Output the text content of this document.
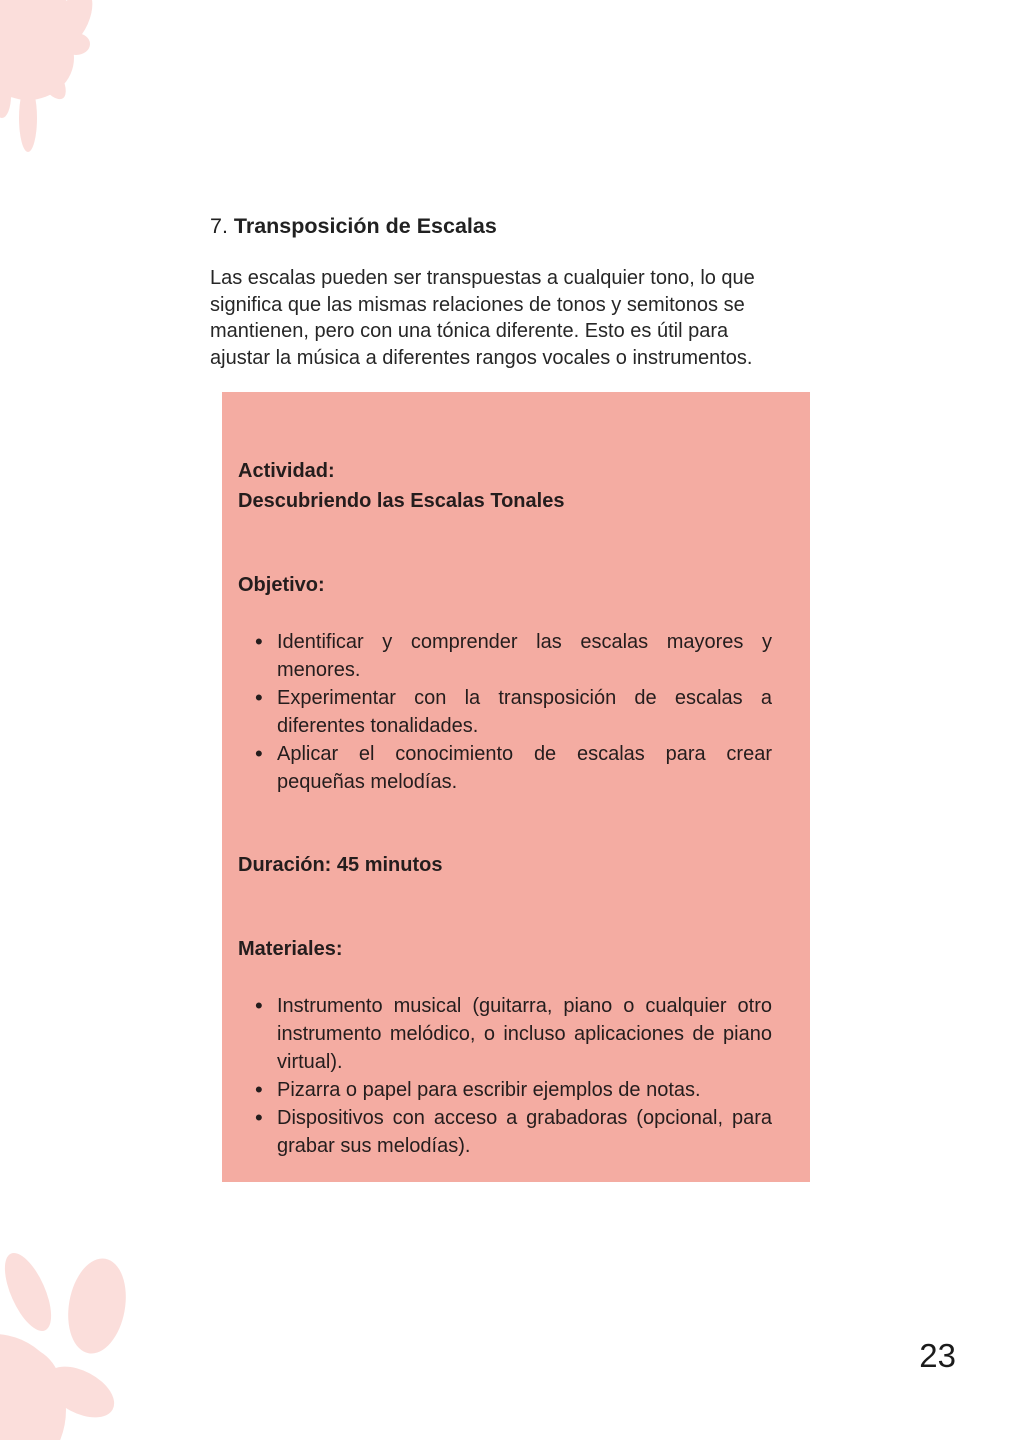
7. Transposición de Escalas

Las escalas pueden ser transpuestas a cualquier tono, lo que significa que las mismas relaciones de tonos y semitonos se mantienen, pero con una tónica diferente. Esto es útil para ajustar la música a diferentes rangos vocales o instrumentos.

Actividad:
Descubriendo las Escalas Tonales
Objetivo:
• Identificar y comprender las escalas mayores y menores.
• Experimentar con la transposición de escalas a diferentes tonalidades.
• Aplicar el conocimiento de escalas para crear pequeñas melodías.
Duración: 45 minutos
Materiales:
• Instrumento musical (guitarra, piano o cualquier otro instrumento melódico, o incluso aplicaciones de piano virtual).
• Pizarra o papel para escribir ejemplos de notas.
• Dispositivos con acceso a grabadoras (opcional, para grabar sus melodías).
23
